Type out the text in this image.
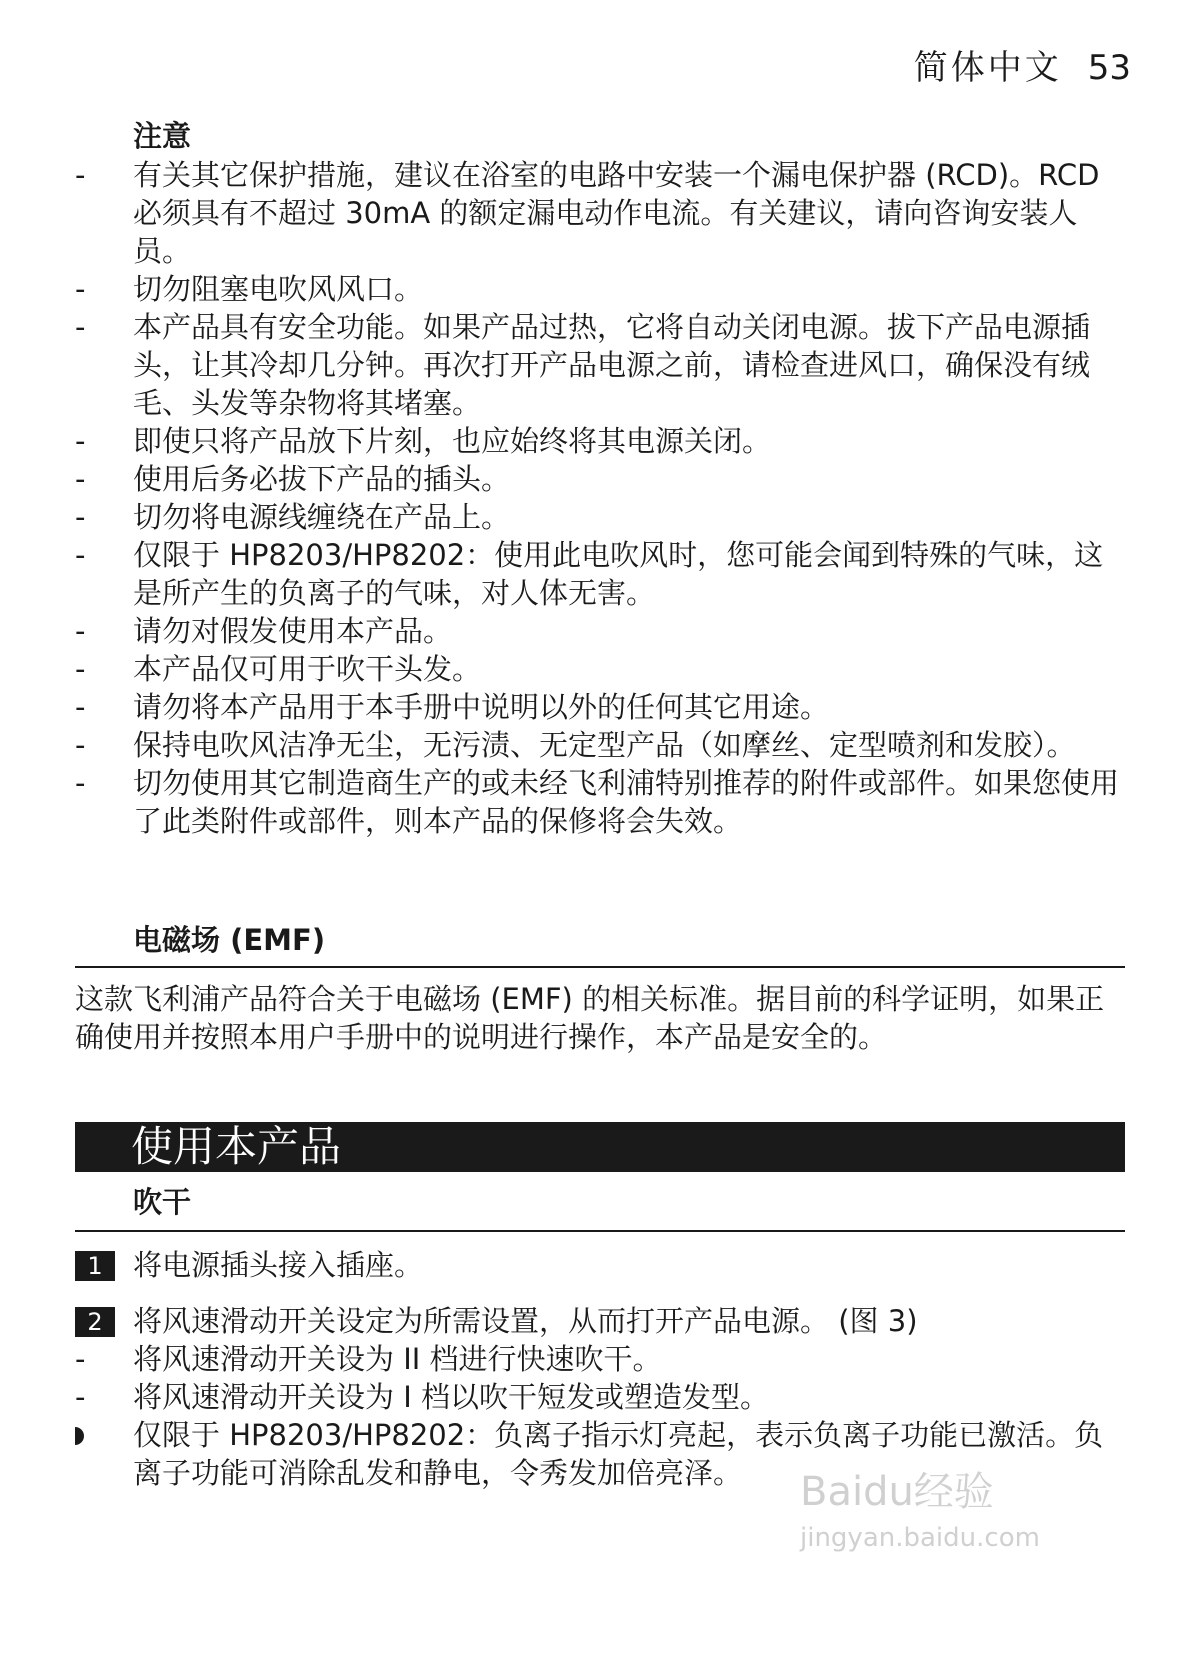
简体中文 53
注意
-	有关其它保护措施，建议在浴室的电路中安装一个漏电保护器 (RCD)。RCD必须具有不超过 30mA 的额定漏电动作电流。有关建议，请向咨询安装人员。
-	切勿阻塞电吹风风口。
-	本产品具有安全功能。如果产品过热，它将自动关闭电源。拔下产品电源插头，让其冷却几分钟。再次打开产品电源之前，请检查进风口，确保没有绒毛、头发等杂物将其堵塞。
-	即使只将产品放下片刻，也应始终将其电源关闭。
-	使用后务必拔下产品的插头。
-	切勿将电源线缠绕在产品上。
-	仅限于 HP8203/HP8202：使用此电吹风时，您可能会闻到特殊的气味，这是所产生的负离子的气味，对人体无害。
-	请勿对假发使用本产品。
-	本产品仅可用于吹干头发。
-	请勿将本产品用于本手册中说明以外的任何其它用途。
-	保持电吹风洁净无尘，无污渍、无定型产品（如摩丝、定型喷剂和发胶）。
-	切勿使用其它制造商生产的或未经飞利浦特别推荐的附件或部件。如果您使用了此类附件或部件，则本产品的保修将会失效。
电磁场 (EMF)
这款飞利浦产品符合关于电磁场 (EMF) 的相关标准。据目前的科学证明，如果正确使用并按照本用户手册中的说明进行操作，本产品是安全的。
使用本产品
吹干
1	将电源插头接入插座。
2	将风速滑动开关设定为所需设置，从而打开产品电源。 (图 3)
-	将风速滑动开关设为 II 档进行快速吹干。
-	将风速滑动开关设为 I 档以吹干短发或塑造发型。
仅限于 HP8203/HP8202：负离子指示灯亮起，表示负离子功能已激活。负离子功能可消除乱发和静电，令秀发加倍亮泽。	Baidu经验
jingyan.baidu.com
